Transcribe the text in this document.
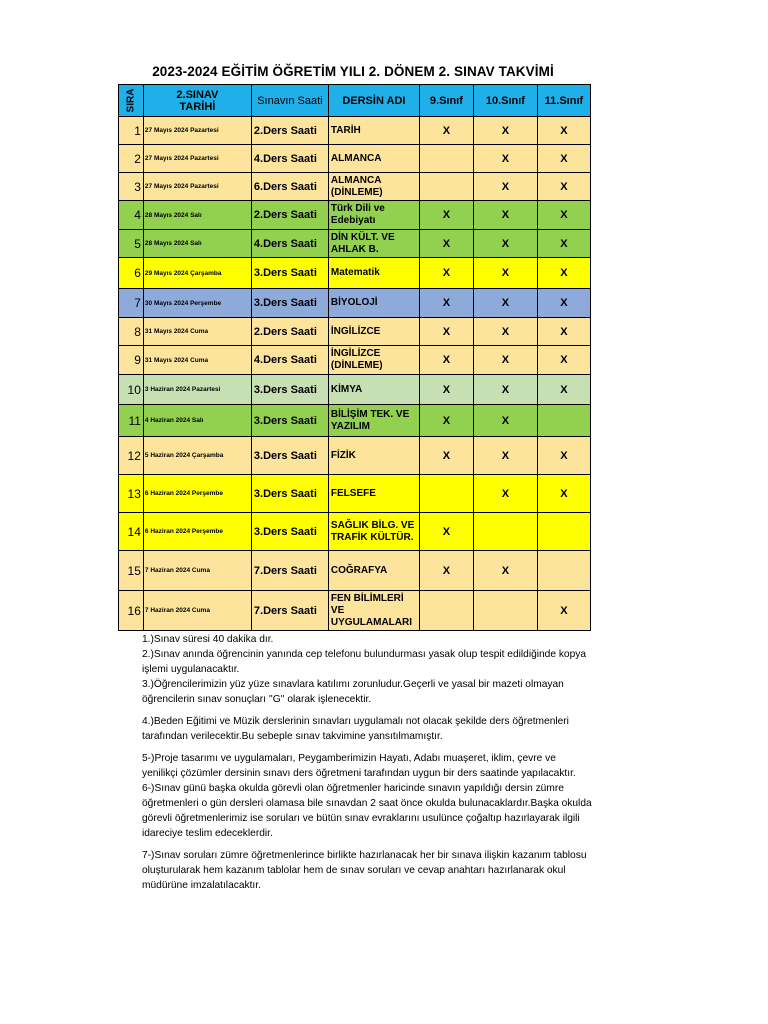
2023-2024 EĞİTİM ÖĞRETİM YILI 2. DÖNEM 2. SINAV TAKVİMİ
SIRA	2.SINAV
TARİHİ	Sınavın Saati	DERSİN ADI	9.Sınıf	10.Sınıf	11.Sınıf
1	27 Mayıs 2024 Pazartesi	2.Ders Saati	TARİH	X	X	X
2	27 Mayıs 2024 Pazartesi	4.Ders Saati	ALMANCA		X	X
3	27 Mayıs 2024 Pazartesi	6.Ders Saati	ALMANCA (DİNLEME)		X	X
4	28 Mayıs 2024 Salı	2.Ders Saati	Türk Dili ve Edebiyatı	X	X	X
5	28 Mayıs 2024 Salı	4.Ders Saati	DİN KÜLT. VE AHLAK B.	X	X	X
6	29 Mayıs 2024 Çarşamba	3.Ders Saati	Matematik	X	X	X
7	30 Mayıs 2024 Perşembe	3.Ders Saati	BİYOLOJİ	X	X	X
8	31 Mayıs 2024 Cuma	2.Ders Saati	İNGİLİZCE	X	X	X
9	31 Mayıs 2024 Cuma	4.Ders Saati	İNGİLİZCE (DİNLEME)	X	X	X
10	3 Haziran 2024 Pazartesi	3.Ders Saati	KİMYA	X	X	X
11	4 Haziran 2024 Salı	3.Ders Saati	BİLİŞİM TEK. VE YAZILIM	X	X	
12	5 Haziran 2024 Çarşamba	3.Ders Saati	FİZİK	X	X	X
13	6 Haziran 2024 Perşembe	3.Ders Saati	FELSEFE		X	X
14	6 Haziran 2024 Perşembe	3.Ders Saati	SAĞLIK BİLG. VE TRAFİK KÜLTÜR.	X		
15	7 Haziran 2024 Cuma	7.Ders Saati	COĞRAFYA	X	X	
16	7 Haziran 2024 Cuma	7.Ders Saati	FEN BİLİMLERİ VE UYGULAMALARI			X

1.)Sınav süresi 40 dakika dır.

2.)Sınav anında öğrencinin yanında cep telefonu bulundurması yasak olup tespit edildiğinde kopya işlemi uygulanacaktır.

3.)Öğrencilerimizin yüz yüze sınavlara katılımı zorunludur.Geçerli ve yasal bir mazeti olmayan öğrencilerin sınav sonuçları ''G'' olarak işlenecektir.

4.)Beden Eğitimi ve Müzik derslerinin sınavları uygulamalı not olacak şekilde ders öğretmenleri tarafından verilecektir.Bu sebeple sınav takvimine yansıtılmamıştır.

5-)Proje tasarımı ve uygulamaları, Peygamberimizin Hayatı, Adabı muaşeret, iklim, çevre ve yenilikçi çözümler dersinin sınavı ders öğretmeni tarafından uygun bir ders saatinde yapılacaktır.

6-)Sınav günü başka okulda görevli olan öğretmenler haricinde sınavın yapıldığı dersin zümre öğretmenleri o gün dersleri olamasa bile sınavdan 2 saat önce okulda bulunacaklardır.Başka okulda görevli öğretmenlerimiz ise soruları ve bütün sınav evraklarını usulünce çoğaltıp hazırlayarak ilgili idareciye teslim edeceklerdir.

7-)Sınav soruları zümre öğretmenlerince birlikte hazırlanacak her bir sınava ilişkin kazanım tablosu oluşturularak hem kazanım tablolar hem de sınav soruları ve cevap anahtarı hazırlanarak okul müdürüne imzalatılacaktır.
